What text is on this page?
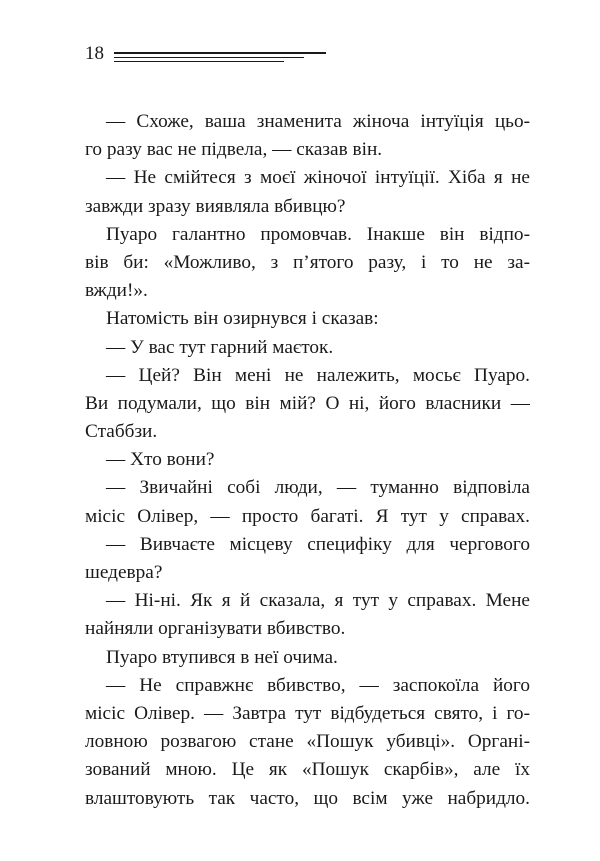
18
— Схоже, ваша знаменита жіноча інтуїція цьо-
го разу вас не підвела, — сказав він.
— Не смійтеся з моєї жіночої інтуїції. Хіба я не
завжди зразу виявляла вбивцю?
Пуаро галантно промовчав. Інакше він відпо-
вів би: «Можливо, з п’ятого разу, і то не за-
вжди!».
Натомість він озирнувся і сказав:
— У вас тут гарний маєток.
— Цей? Він мені не належить, мосьє Пуаро.
Ви подумали, що він мій? О ні, його власники —
Стаббзи.
— Хто вони?
— Звичайні собі люди, — туманно відповіла
місіс Олівер, — просто багаті. Я тут у справах.
— Вивчаєте місцеву специфіку для чергового
шедевра?
— Ні-ні. Як я й сказала, я тут у справах. Мене
найняли організувати вбивство.
Пуаро втупився в неї очима.
— Не справжнє вбивство, — заспокоїла його
місіс Олівер. — Завтра тут відбудеться свято, і го-
ловною розвагою стане «Пошук убивці». Органі-
зований мною. Це як «Пошук скарбів», але їх
влаштовують так часто, що всім уже набридло.
